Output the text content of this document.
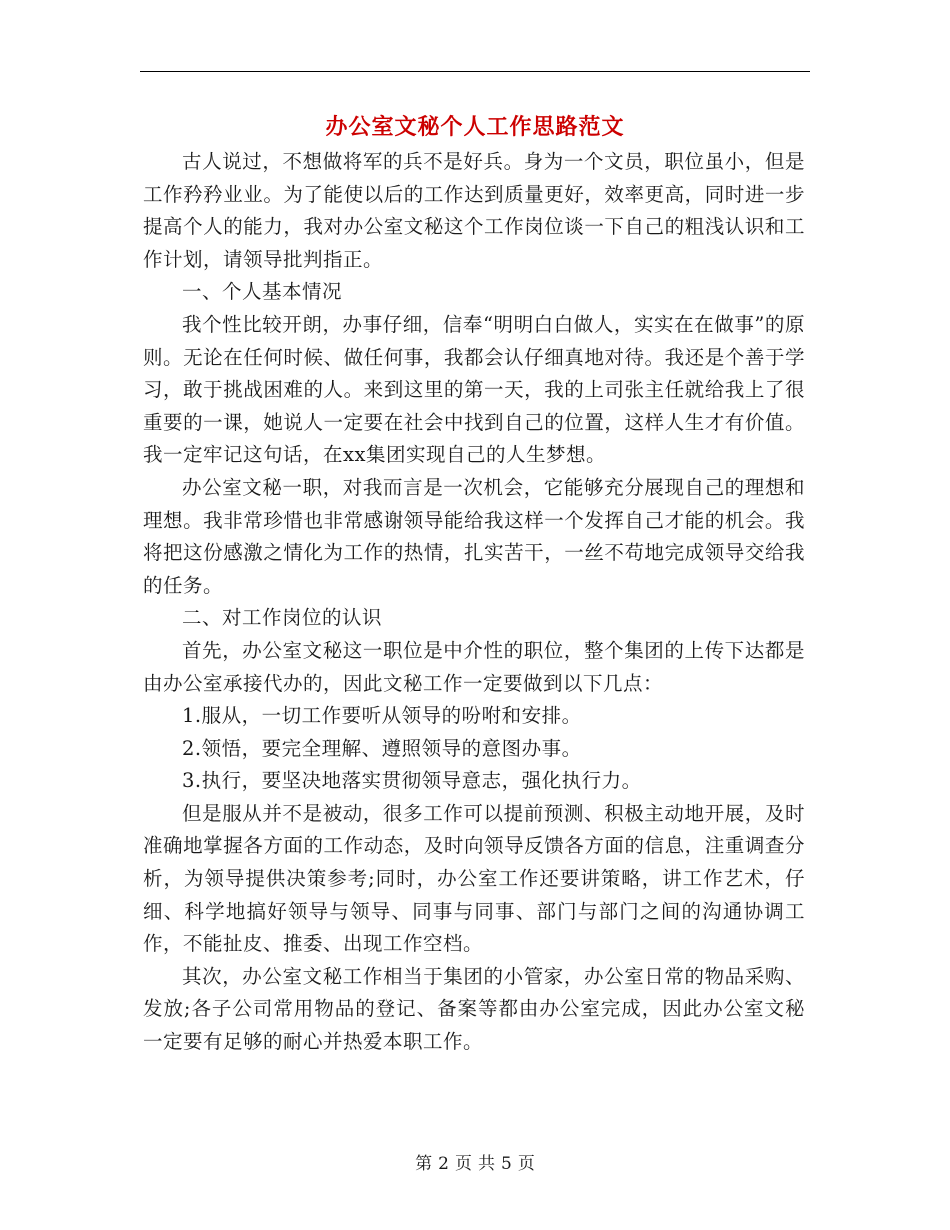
办公室文秘个人工作思路范文

古人说过，不想做将军的兵不是好兵。身为一个文员，职位虽小，但是工作矜矜业业。为了能使以后的工作达到质量更好，效率更高，同时进一步提高个人的能力，我对办公室文秘这个工作岗位谈一下自己的粗浅认识和工作计划，请领导批判指正。

一、个人基本情况

我个性比较开朗，办事仔细，信奉“明明白白做人，实实在在做事”的原则。无论在任何时候、做任何事，我都会认仔细真地对待。我还是个善于学习，敢于挑战困难的人。来到这里的第一天，我的上司张主任就给我上了很重要的一课，她说人一定要在社会中找到自己的位置，这样人生才有价值。我一定牢记这句话，在xx集团实现自己的人生梦想。

办公室文秘一职，对我而言是一次机会，它能够充分展现自己的理想和理想。我非常珍惜也非常感谢领导能给我这样一个发挥自己才能的机会。我将把这份感激之情化为工作的热情，扎实苦干，一丝不苟地完成领导交给我的任务。

二、对工作岗位的认识

首先，办公室文秘这一职位是中介性的职位，整个集团的上传下达都是由办公室承接代办的，因此文秘工作一定要做到以下几点：

1.服从，一切工作要听从领导的吩咐和安排。

2.领悟，要完全理解、遵照领导的意图办事。

3.执行，要坚决地落实贯彻领导意志，强化执行力。

但是服从并不是被动，很多工作可以提前预测、积极主动地开展，及时准确地掌握各方面的工作动态，及时向领导反馈各方面的信息，注重调查分析，为领导提供决策参考;同时，办公室工作还要讲策略，讲工作艺术，仔细、科学地搞好领导与领导、同事与同事、部门与部门之间的沟通协调工作，不能扯皮、推委、出现工作空档。

其次，办公室文秘工作相当于集团的小管家，办公室日常的物品采购、发放;各子公司常用物品的登记、备案等都由办公室完成，因此办公室文秘一定要有足够的耐心并热爱本职工作。

第 2 页 共 5 页
